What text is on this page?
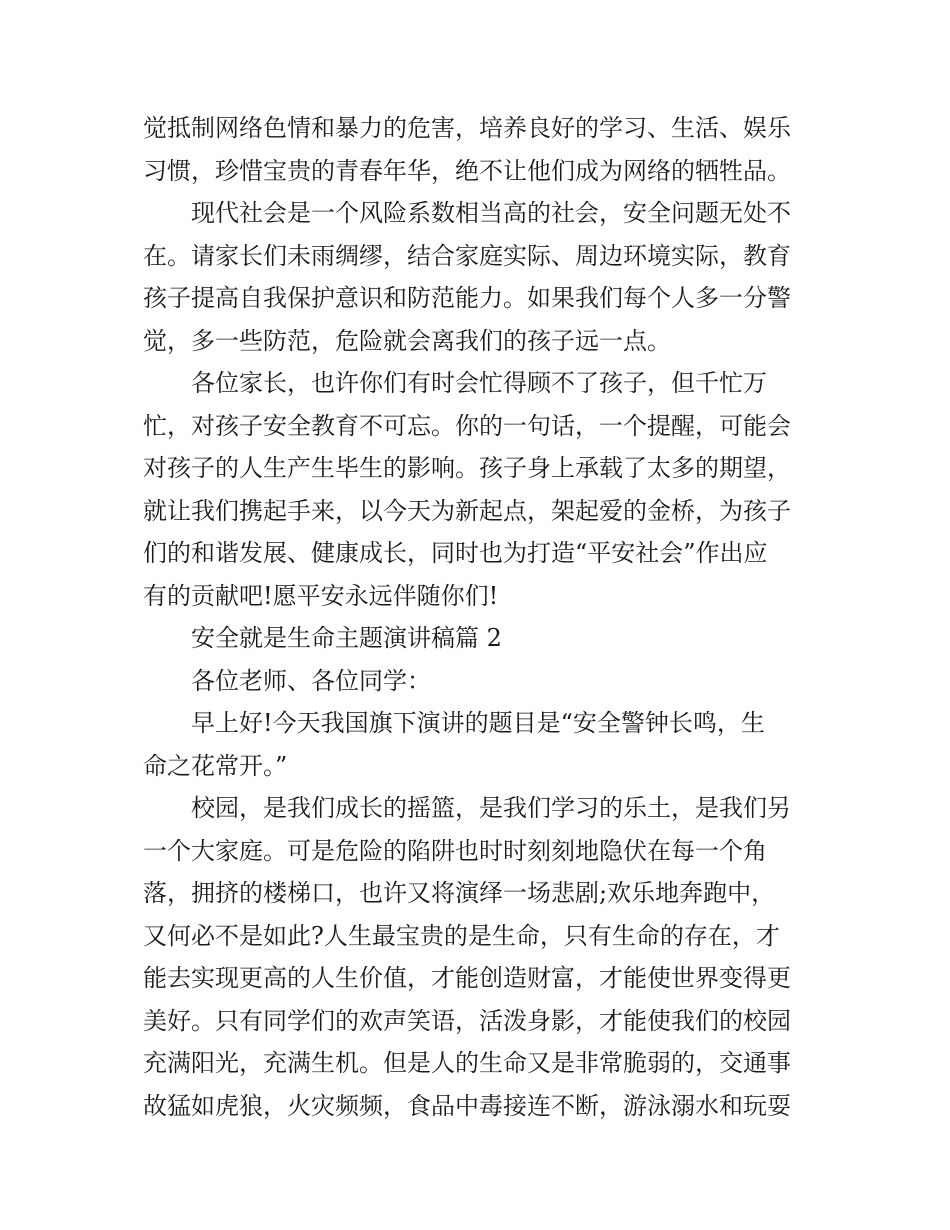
觉抵制网络色情和暴力的危害，培养良好的学习、生活、娱乐
习惯，珍惜宝贵的青春年华，绝不让他们成为网络的牺牲品。
现代社会是一个风险系数相当高的社会，安全问题无处不
在。请家长们未雨绸缪，结合家庭实际、周边环境实际，教育
孩子提高自我保护意识和防范能力。如果我们每个人多一分警
觉，多一些防范，危险就会离我们的孩子远一点。
各位家长，也许你们有时会忙得顾不了孩子，但千忙万
忙，对孩子安全教育不可忘。你的一句话，一个提醒，可能会
对孩子的人生产生毕生的影响。孩子身上承载了太多的期望，
就让我们携起手来，以今天为新起点，架起爱的金桥，为孩子
们的和谐发展、健康成长，同时也为打造“平安社会”作出应
有的贡献吧!愿平安永远伴随你们!
安全就是生命主题演讲稿篇 2
各位老师、各位同学：
早上好!今天我国旗下演讲的题目是“安全警钟长鸣，生
命之花常开。”
校园，是我们成长的摇篮，是我们学习的乐土，是我们另
一个大家庭。可是危险的陷阱也时时刻刻地隐伏在每一个角
落，拥挤的楼梯口，也许又将演绎一场悲剧;欢乐地奔跑中，
又何必不是如此?人生最宝贵的是生命，只有生命的存在，才
能去实现更高的人生价值，才能创造财富，才能使世界变得更
美好。只有同学们的欢声笑语，活泼身影，才能使我们的校园
充满阳光，充满生机。但是人的生命又是非常脆弱的，交通事
故猛如虎狼，火灾频频，食品中毒接连不断，游泳溺水和玩耍
